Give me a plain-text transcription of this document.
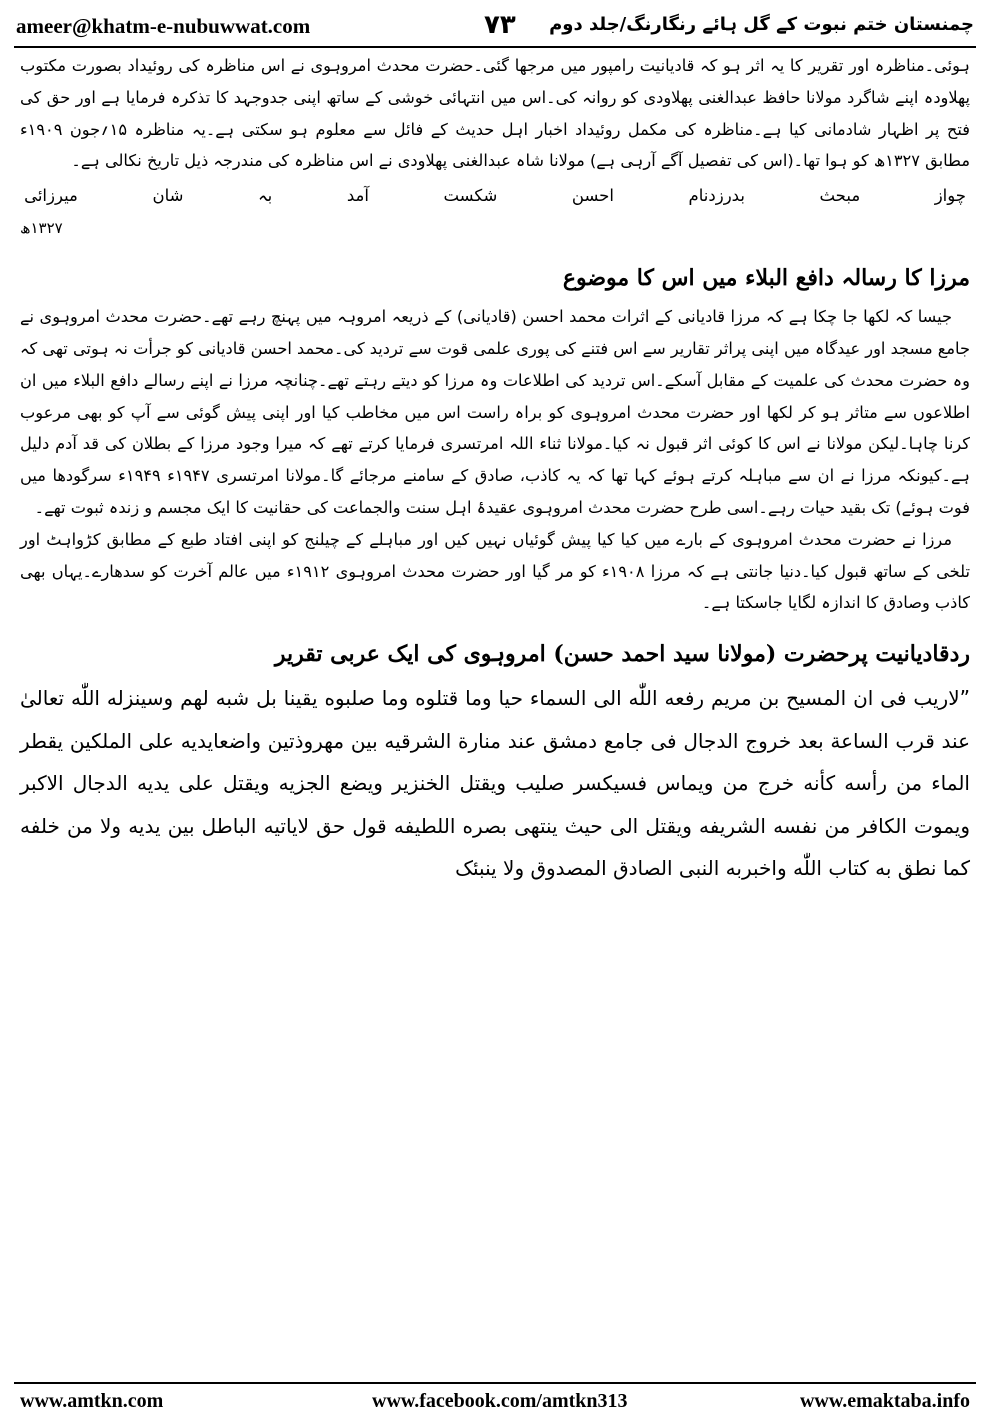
ameer@khatm-e-nubuwwat.com	۷۳ چمنستان ختم نبوت کے گل ہائے رنگارنگ/جلد دوم

ہوئی۔مناظرہ اور تقریر کا یہ اثر ہو کہ قادیانیت رامپور میں مرجھا گئی۔حضرت محدث امروہوی نے اس مناظرہ کی روئیداد بصورت مکتوب پھلاودہ اپنے شاگرد مولانا حافظ عبدالغنی پھلاودی کو روانہ کی۔اس میں انتہائی خوشی کے ساتھ اپنی جدوجہد کا تذکرہ فرمایا ہے اور حق کی فتح پر اظہار شادمانی کیا ہے۔مناظرہ کی مکمل روئیداد اخبار اہل حدیث کے فائل سے معلوم ہو سکتی ہے۔یہ مناظرہ ۱۵؍جون ۱۹۰۹ء مطابق ۱۳۲۷ھ کو ہوا تھا۔(اس کی تفصیل آگے آرہی ہے) مولانا شاہ عبدالغنی پھلاودی نے اس مناظرہ کی مندرجہ ذیل تاریخ نکالی ہے۔

چواز
مبحث
بدرزدنام
احسن
شکست
آمد
بہ
شان
میرزائی
۱۳۲۷ھ
مرزا کا رسالہ دافع البلاء میں اس کا موضوع

جیسا کہ لکھا جا چکا ہے کہ مرزا قادیانی کے اثرات محمد احسن (قادیانی) کے ذریعہ امروہہ میں پہنچ رہے تھے۔حضرت محدث امروہوی نے جامع مسجد اور عیدگاہ میں اپنی پراثر تقاریر سے اس فتنے کی پوری علمی قوت سے تردید کی۔محمد احسن قادیانی کو جرأت نہ ہوتی تھی کہ وہ حضرت محدث کی علمیت کے مقابل آسکے۔اس تردید کی اطلاعات وہ مرزا کو دیتے رہتے تھے۔چنانچہ مرزا نے اپنے رسالے دافع البلاء میں ان اطلاعوں سے متاثر ہو کر لکھا اور حضرت محدث امروہوی کو براہ راست اس میں مخاطب کیا اور اپنی پیش گوئی سے آپ کو بھی مرعوب کرنا چاہا۔لیکن مولانا نے اس کا کوئی اثر قبول نہ کیا۔مولانا ثناء اللہ امرتسری فرمایا کرتے تھے کہ میرا وجود مرزا کے بطلان کی قد آدم دلیل ہے۔کیونکہ مرزا نے ان سے مباہلہ کرتے ہوئے کہا تھا کہ یہ کاذب، صادق کے سامنے مرجائے گا۔مولانا امرتسری ۱۹۴۷ء ۱۹۴۹ء سرگودھا میں فوت ہوئے) تک بقید حیات رہے۔اسی طرح حضرت محدث امروہوی عقیدۂ اہل سنت والجماعت کی حقانیت کا ایک مجسم و زندہ ثبوت تھے۔

مرزا نے حضرت محدث امروہوی کے بارے میں کیا کیا پیش گوئیاں نہیں کیں اور مباہلے کے چیلنج کو اپنی افتاد طبع کے مطابق کڑواہٹ اور تلخی کے ساتھ قبول کیا۔دنیا جانتی ہے کہ مرزا ۱۹۰۸ء کو مر گیا اور حضرت محدث امروہوی ۱۹۱۲ء میں عالم آخرت کو سدھارے۔یہاں بھی کاذب وصادق کا اندازہ لگایا جاسکتا ہے۔

ردقادیانیت پرحضرت (مولانا سید احمد حسن) امروہوی کی ایک عربی تقریر

”لاریب فی ان المسیح بن مریم رفعه اللّٰه الی السماء حیا وما قتلوه وما صلبوه یقینا بل شبه لهم وسینزله اللّٰه تعالیٰ عند قرب الساعة بعد خروج الدجال فی جامع دمشق عند منارة الشرقیه بین مهروذتین واضعایدیه علی الملکین یقطر الماء من رأسه کأنه خرج من ویماس فسیکسر صلیب ویقتل الخنزیر ویضع الجزیه ویقتل علی یدیه الدجال الاکبر ویموت الکافر من نفسه الشریفه ویقتل الی حیث ینتهی بصره اللطیفه قول حق لایاتیه الباطل بین یدیه ولا من خلفه کما نطق به کتاب اللّٰه واخبربه النبی الصادق المصدوق ولا ینبئک

www.amtkn.com	www.facebook.com/amtkn313	www.emaktaba.info
